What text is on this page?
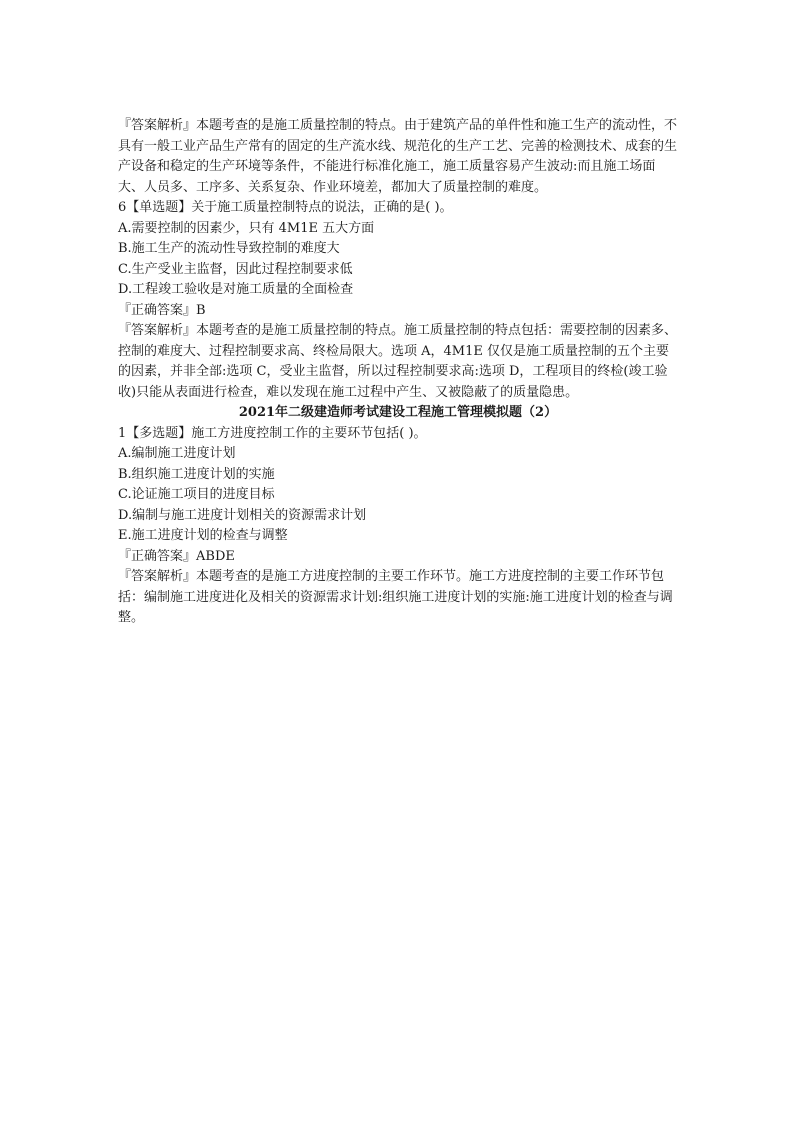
『答案解析』本题考查的是施工质量控制的特点。由于建筑产品的单件性和施工生产的流动性，不具有一般工业产品生产常有的固定的生产流水线、规范化的生产工艺、完善的检测技术、成套的生产设备和稳定的生产环境等条件，不能进行标准化施工，施工质量容易产生波动:而且施工场面大、人员多、工序多、关系复杂、作业环境差，都加大了质量控制的难度。

6【单选题】关于施工质量控制特点的说法，正确的是( )。

A.需要控制的因素少，只有 4M1E 五大方面

B.施工生产的流动性导致控制的难度大

C.生产受业主监督，因此过程控制要求低

D.工程竣工验收是对施工质量的全面检查

『正确答案』B

『答案解析』本题考查的是施工质量控制的特点。施工质量控制的特点包括：需要控制的因素多、控制的难度大、过程控制要求高、终检局限大。选项 A，4M1E 仅仅是施工质量控制的五个主要的因素，并非全部:选项 C，受业主监督，所以过程控制要求高:选项 D，工程项目的终检(竣工验收)只能从表面进行检查，难以发现在施工过程中产生、又被隐蔽了的质量隐患。

2021年二级建造师考试建设工程施工管理模拟题（2）

1【多选题】施工方进度控制工作的主要环节包括( )。

A.编制施工进度计划

B.组织施工进度计划的实施

C.论证施工项目的进度目标

D.编制与施工进度计划相关的资源需求计划

E.施工进度计划的检查与调整

『正确答案』ABDE

『答案解析』本题考查的是施工方进度控制的主要工作环节。施工方进度控制的主要工作环节包括：编制施工进度进化及相关的资源需求计划:组织施工进度计划的实施:施工进度计划的检查与调整。
